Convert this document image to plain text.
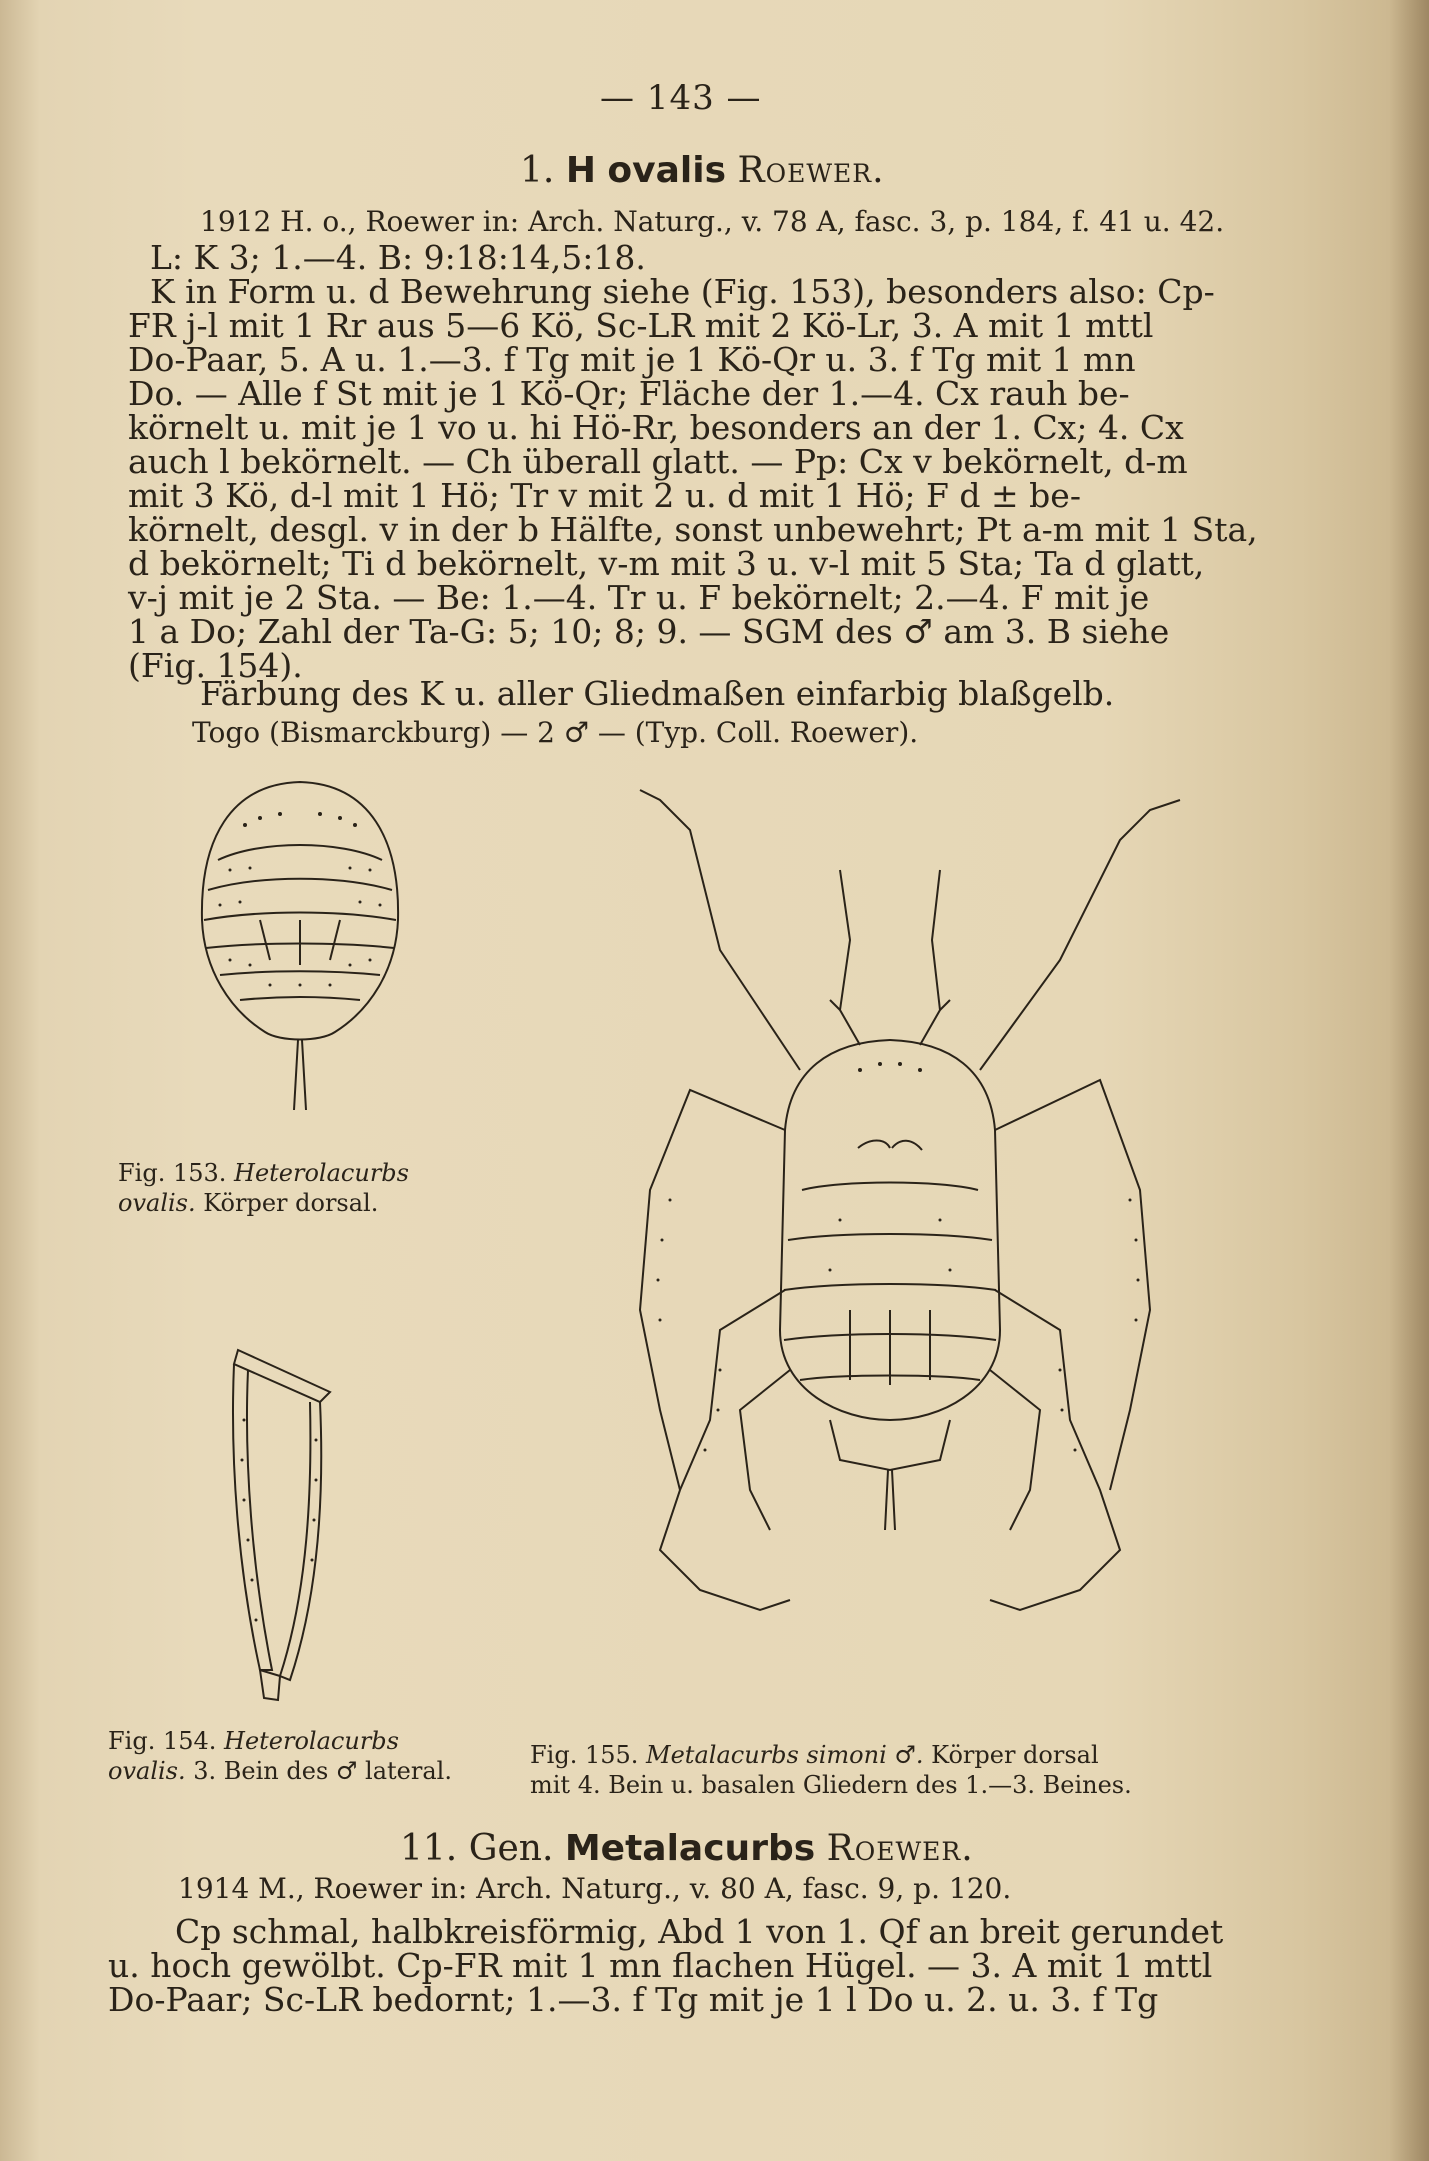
— 143 —
1. H ovalis Roewer.
1912 H. o., Roewer in: Arch. Naturg., v. 78 A, fasc. 3, p. 184, f. 41 u. 42.
L: K 3; 1.—4. B: 9:18:14,5:18.
K in Form u. d Bewehrung siehe (Fig. 153), besonders also: Cp-
FR j-l mit 1 Rr aus 5—6 Kö, Sc-LR mit 2 Kö-Lr, 3. A mit 1 mttl
Do-Paar, 5. A u. 1.—3. f Tg mit je 1 Kö-Qr u. 3. f Tg mit 1 mn
Do. — Alle f St mit je 1 Kö-Qr; Fläche der 1.—4. Cx rauh be-
körnelt u. mit je 1 vo u. hi Hö-Rr, besonders an der 1. Cx; 4. Cx
auch l bekörnelt. — Ch überall glatt. — Pp: Cx v bekörnelt, d-m
mit 3 Kö, d-l mit 1 Hö; Tr v mit 2 u. d mit 1 Hö; F d ± be-
körnelt, desgl. v in der b Hälfte, sonst unbewehrt; Pt a-m mit 1 Sta,
d bekörnelt; Ti d bekörnelt, v-m mit 3 u. v-l mit 5 Sta; Ta d glatt,
v-j mit je 2 Sta. — Be: 1.—4. Tr u. F bekörnelt; 2.—4. F mit je
1 a Do; Zahl der Ta-G: 5; 10; 8; 9. — SGM des ♂ am 3. B siehe
(Fig. 154).
Färbung des K u. aller Gliedmaßen einfarbig blaßgelb.
Togo (Bismarckburg) — 2 ♂ — (Typ. Coll. Roewer).
Fig. 153. Heterolacurbs
ovalis. Körper dorsal.
Fig. 154. Heterolacurbs
ovalis. 3. Bein des ♂ lateral.
Fig. 155. Metalacurbs simoni ♂. Körper dorsal
mit 4. Bein u. basalen Gliedern des 1.—3. Beines.
11. Gen. Metalacurbs Roewer.
1914 M., Roewer in: Arch. Naturg., v. 80 A, fasc. 9, p. 120.
Cp schmal, halbkreisförmig, Abd 1 von 1. Qf an breit gerundet
u. hoch gewölbt. Cp-FR mit 1 mn flachen Hügel. — 3. A mit 1 mttl
Do-Paar; Sc-LR bedornt; 1.—3. f Tg mit je 1 l Do u. 2. u. 3. f Tg
